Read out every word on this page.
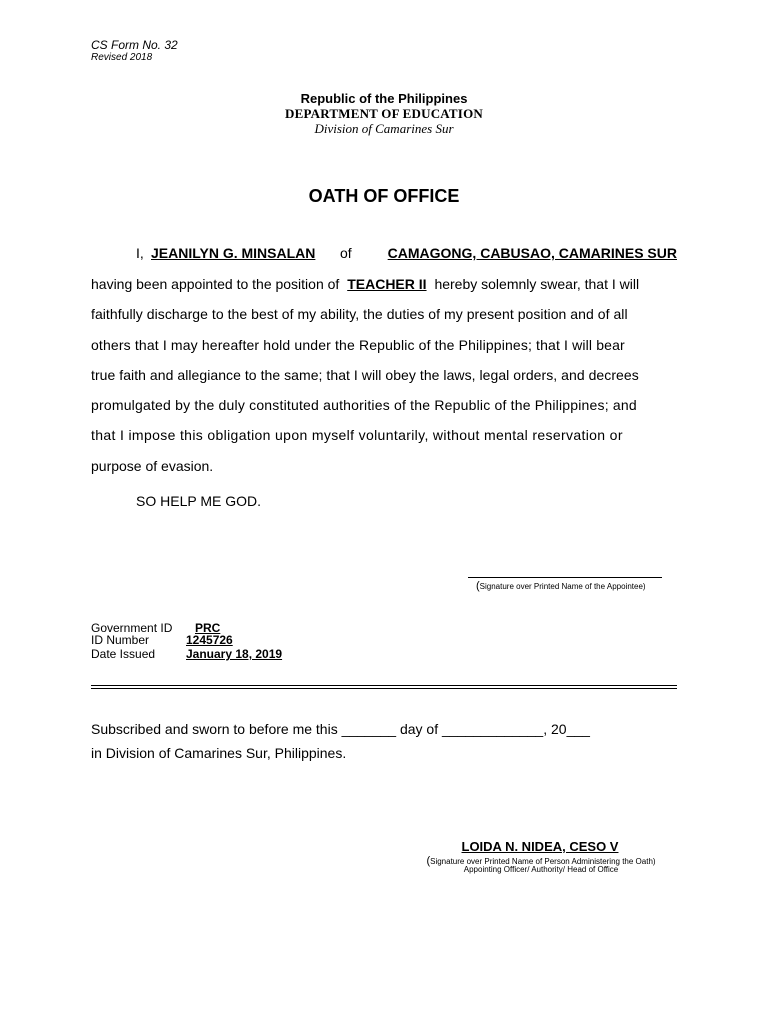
CS Form No. 32
Revised 2018
Republic of the Philippines
DEPARTMENT OF EDUCATION
Division of Camarines Sur
OATH OF OFFICE
I, JEANILYN G. MINSALAN of	CAMAGONG, CABUSAO, CAMARINES SUR
having been appointed to the position of TEACHER II hereby solemnly swear, that I will
faithfully discharge to the best of my ability, the duties of my present position and of all
others that I may hereafter hold under the Republic of the Philippines; that I will bear
true faith and allegiance to the same; that I will obey the laws, legal orders, and decrees
promulgated by the duly constituted authorities of the Republic of the Philippines; and
that I impose this obligation upon myself voluntarily, without mental reservation or
purpose of evasion.
SO HELP ME GOD.
(Signature over Printed Name of the Appointee)
Government ID PRC
ID Number	1245726
Date Issued	January 18, 2019
Subscribed and sworn to before me this _______ day of _____________, 20___
in Division of Camarines Sur, Philippines.
LOIDA N. NIDEA, CESO V
(Signature over Printed Name of Person Administering the Oath)
Appointing Officer/ Authority/ Head of Office
